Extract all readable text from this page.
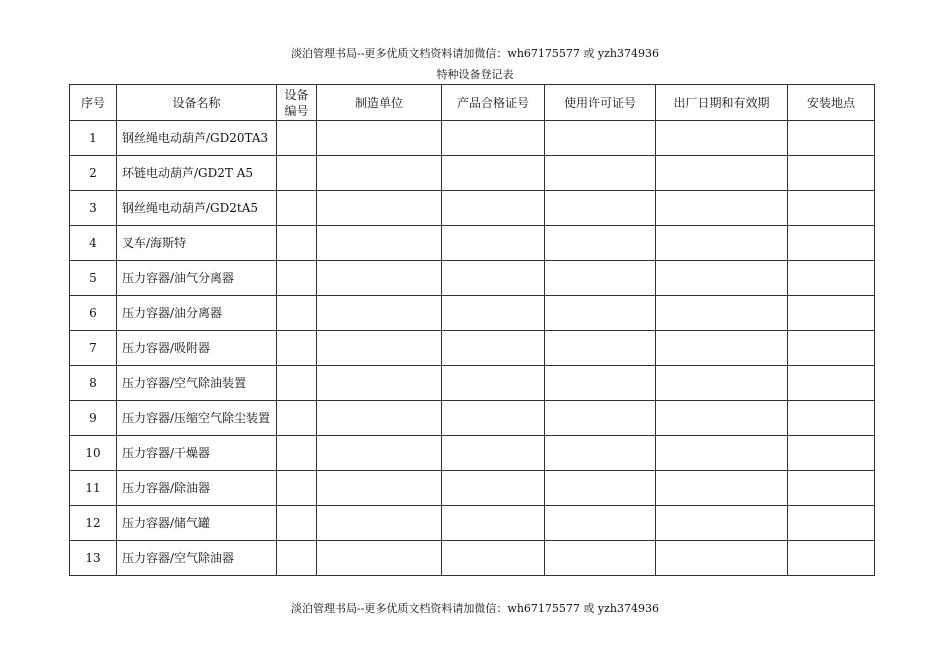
淡泊管理书局--更多优质文档资料请加微信：wh67175577 或 yzh374936
特种设备登记表
序号	设备名称	设备编号	制造单位	产品合格证号	使用许可证号	出厂日期和有效期	安装地点
1	钢丝绳电动葫芦/GD20TA3						
2	环链电动葫芦/GD2T A5						
3	钢丝绳电动葫芦/GD2tA5						
4	叉车/海斯特						
5	压力容器/油气分离器						
6	压力容器/油分离器						
7	压力容器/吸附器						
8	压力容器/空气除油装置						
9	压力容器/压缩空气除尘装置						
10	压力容器/干燥器						
11	压力容器/除油器						
12	压力容器/储气罐						
13	压力容器/空气除油器						
淡泊管理书局--更多优质文档资料请加微信：wh67175577 或 yzh374936
